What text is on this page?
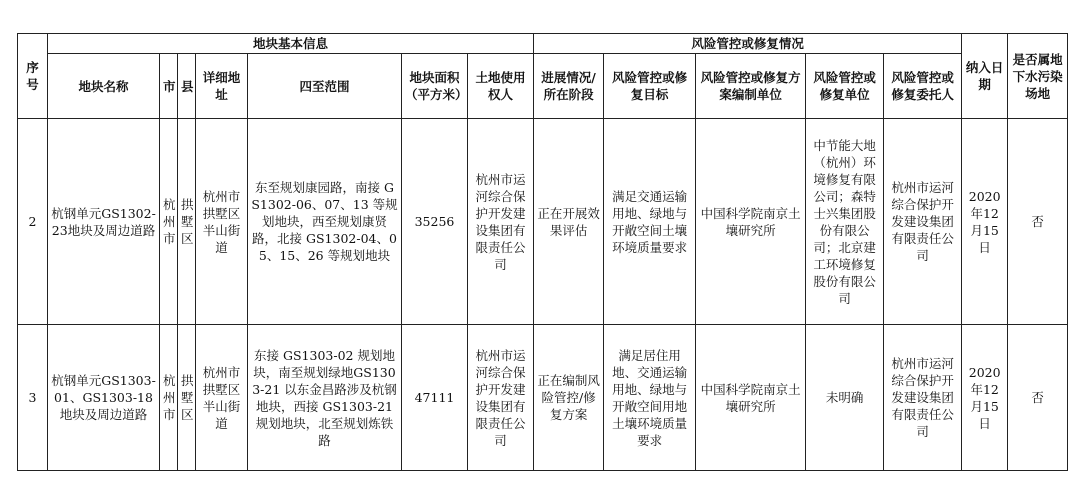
序号	地块基本信息							风险管控或修复情况					纳入日期	是否属地下水污染场地
	地块名称	市	县	详细地址	四至范围	地块面积（平方米）	土地使用权人	进展情况/所在阶段	风险管控或修复目标	风险管控或修复方案编制单位	风险管控或修复单位	风险管控或修复委托人		
2	杭钢单元GS1302-23地块及周边道路	杭州市	拱墅区	杭州市拱墅区半山街道	东至规划康园路，南接 GS1302-06、07、13 等规划地块，西至规划康贤路，北接 GS1302-04、05、15、26 等规划地块	35256	杭州市运河综合保护开发建设集团有限责任公司	正在开展效果评估	满足交通运输用地、绿地与开敞空间土壤环境质量要求	中国科学院南京土壤研究所	中节能大地（杭州）环境修复有限公司；森特士兴集团股份有限公司；北京建工环境修复股份有限公司	杭州市运河综合保护开发建设集团有限责任公司	2020年12月15日	否
3	杭钢单元GS1303-01、GS1303-18地块及周边道路	杭州市	拱墅区	杭州市拱墅区半山街道	东接 GS1303-02 规划地块，南至规划绿地GS1303-21 以东金昌路涉及杭钢地块，西接 GS1303-21 规划地块，北至规划炼铁路	47111	杭州市运河综合保护开发建设集团有限责任公司	正在编制风险管控/修复方案	满足居住用地、交通运输用地、绿地与开敞空间用地土壤环境质量要求	中国科学院南京土壤研究所	未明确	杭州市运河综合保护开发建设集团有限责任公司	2020年12月15日	否
